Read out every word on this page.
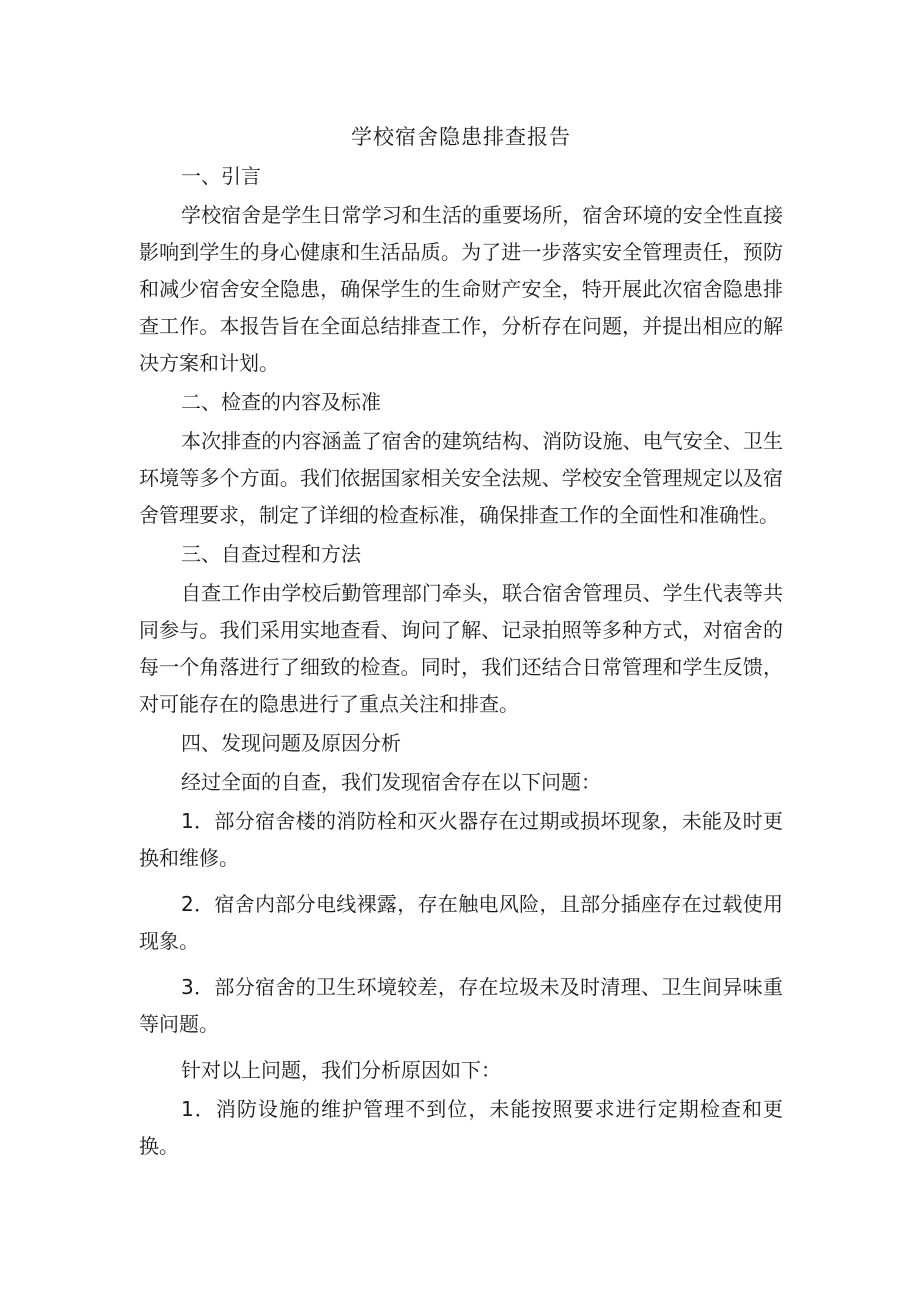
学校宿舍隐患排查报告

一、引言

学校宿舍是学生日常学习和生活的重要场所，宿舍环境的安全性直接影响到学生的身心健康和生活品质。为了进一步落实安全管理责任，预防和减少宿舍安全隐患，确保学生的生命财产安全，特开展此次宿舍隐患排查工作。本报告旨在全面总结排查工作，分析存在问题，并提出相应的解决方案和计划。

二、检查的内容及标准

本次排查的内容涵盖了宿舍的建筑结构、消防设施、电气安全、卫生环境等多个方面。我们依据国家相关安全法规、学校安全管理规定以及宿舍管理要求，制定了详细的检查标准，确保排查工作的全面性和准确性。

三、自查过程和方法

自查工作由学校后勤管理部门牵头，联合宿舍管理员、学生代表等共同参与。我们采用实地查看、询问了解、记录拍照等多种方式，对宿舍的每一个角落进行了细致的检查。同时，我们还结合日常管理和学生反馈，对可能存在的隐患进行了重点关注和排查。

四、发现问题及原因分析

经过全面的自查，我们发现宿舍存在以下问题：

1．部分宿舍楼的消防栓和灭火器存在过期或损坏现象，未能及时更换和维修。

2．宿舍内部分电线裸露，存在触电风险，且部分插座存在过载使用现象。

3．部分宿舍的卫生环境较差，存在垃圾未及时清理、卫生间异味重等问题。

针对以上问题，我们分析原因如下：

1．消防设施的维护管理不到位，未能按照要求进行定期检查和更换。
